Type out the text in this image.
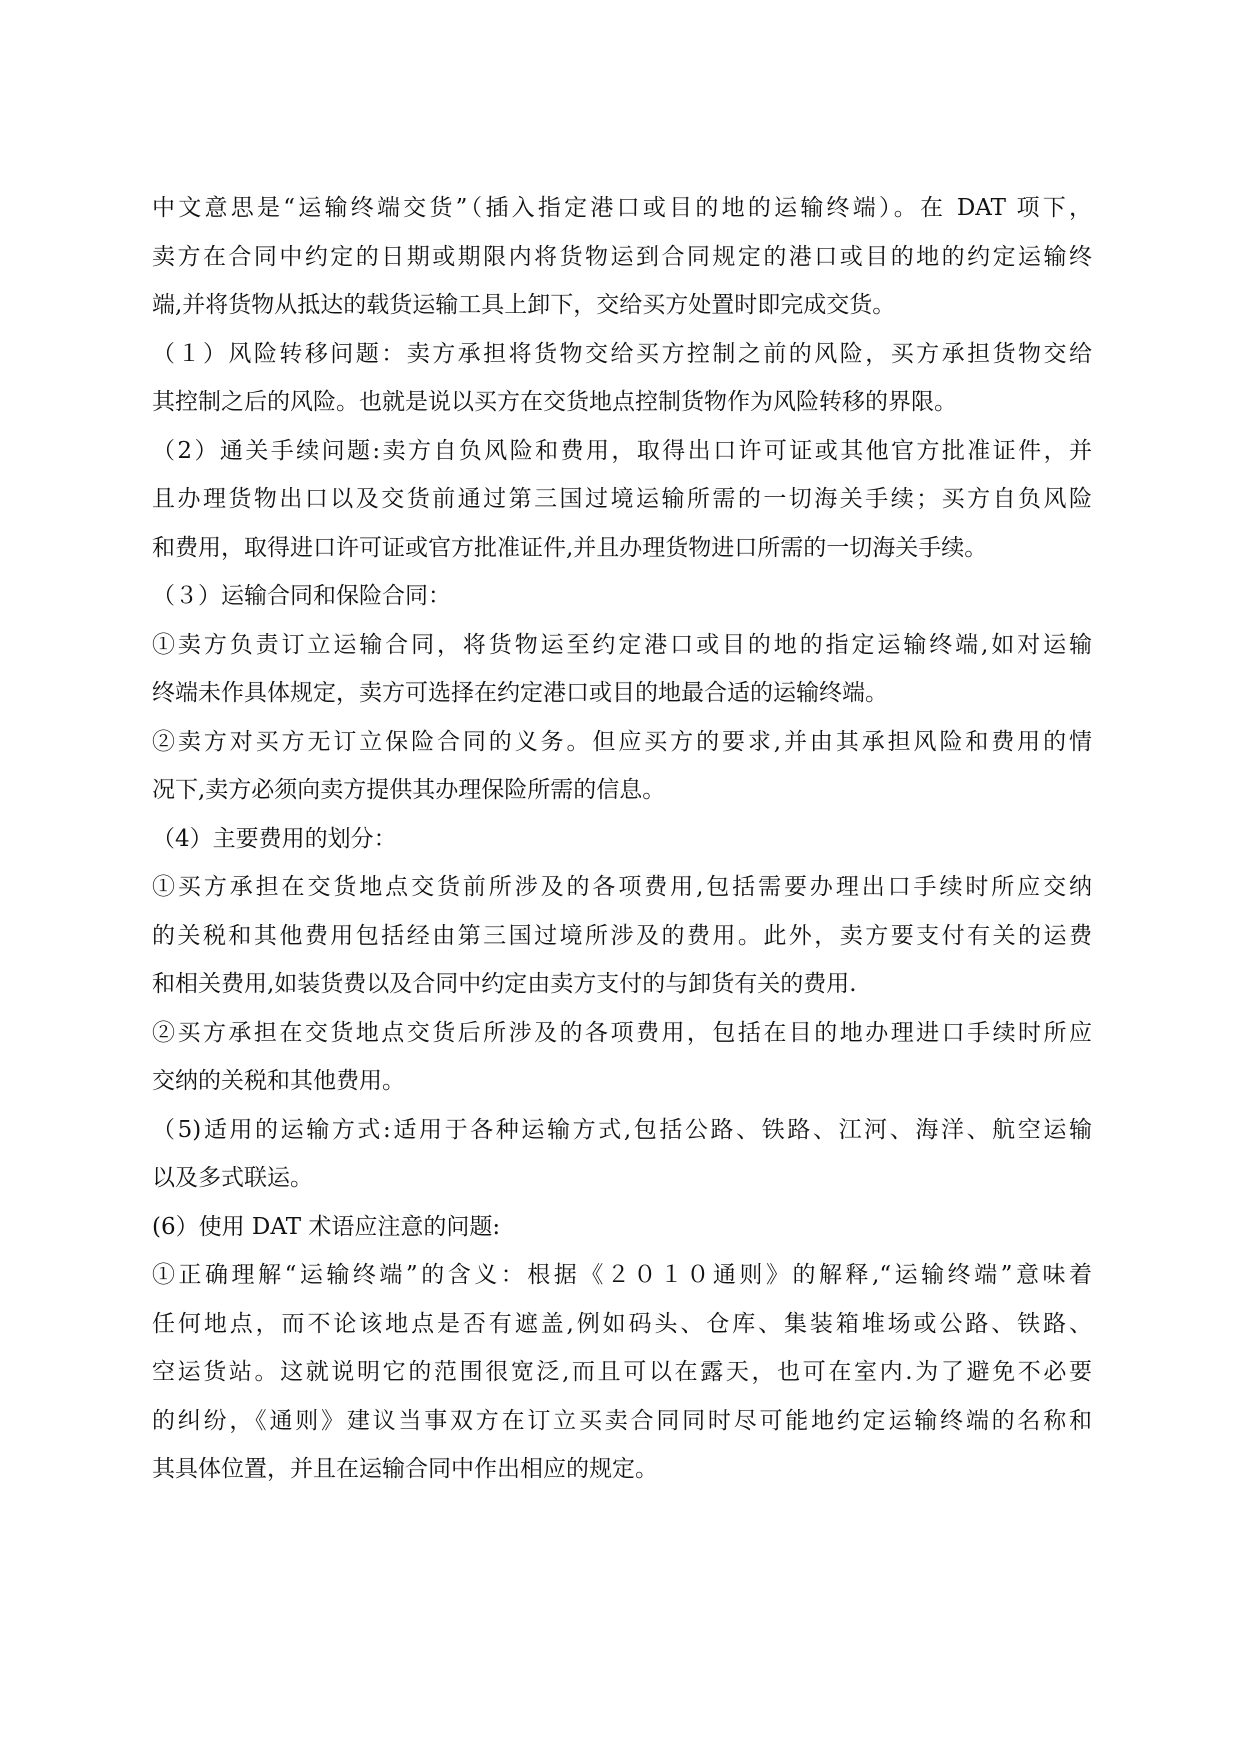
中文意思是“运输终端交货”（插入指定港口或目的地的运输终端）。在 DAT 项下，
卖方在合同中约定的日期或期限内将货物运到合同规定的港口或目的地的约定运输终
端,并将货物从抵达的载货运输工具上卸下，交给买方处置时即完成交货。
（１）风险转移问题：卖方承担将货物交给买方控制之前的风险，买方承担货物交给
其控制之后的风险。也就是说以买方在交货地点控制货物作为风险转移的界限。
（2）通关手续问题:卖方自负风险和费用，取得出口许可证或其他官方批准证件，并
且办理货物出口以及交货前通过第三国过境运输所需的一切海关手续；买方自负风险
和费用，取得进口许可证或官方批准证件,并且办理货物进口所需的一切海关手续。
（３）运输合同和保险合同：
①卖方负责订立运输合同，将货物运至约定港口或目的地的指定运输终端,如对运输
终端未作具体规定，卖方可选择在约定港口或目的地最合适的运输终端。
②卖方对买方无订立保险合同的义务。但应买方的要求,并由其承担风险和费用的情
况下,卖方必须向卖方提供其办理保险所需的信息。
（4）主要费用的划分：
①买方承担在交货地点交货前所涉及的各项费用,包括需要办理出口手续时所应交纳
的关税和其他费用包括经由第三国过境所涉及的费用。此外，卖方要支付有关的运费
和相关费用,如装货费以及合同中约定由卖方支付的与卸货有关的费用.
②买方承担在交货地点交货后所涉及的各项费用，包括在目的地办理进口手续时所应
交纳的关税和其他费用。
（5)适用的运输方式:适用于各种运输方式,包括公路、铁路、江河、海洋、航空运输
以及多式联运。
(6）使用 DAT 术语应注意的问题:
①正确理解“运输终端”的含义：根据《２０１０通则》的解释,“运输终端”意味着
任何地点，而不论该地点是否有遮盖,例如码头、仓库、集装箱堆场或公路、铁路、
空运货站。这就说明它的范围很宽泛,而且可以在露天，也可在室内.为了避免不必要
的纠纷，《通则》建议当事双方在订立买卖合同同时尽可能地约定运输终端的名称和
其具体位置，并且在运输合同中作出相应的规定。
